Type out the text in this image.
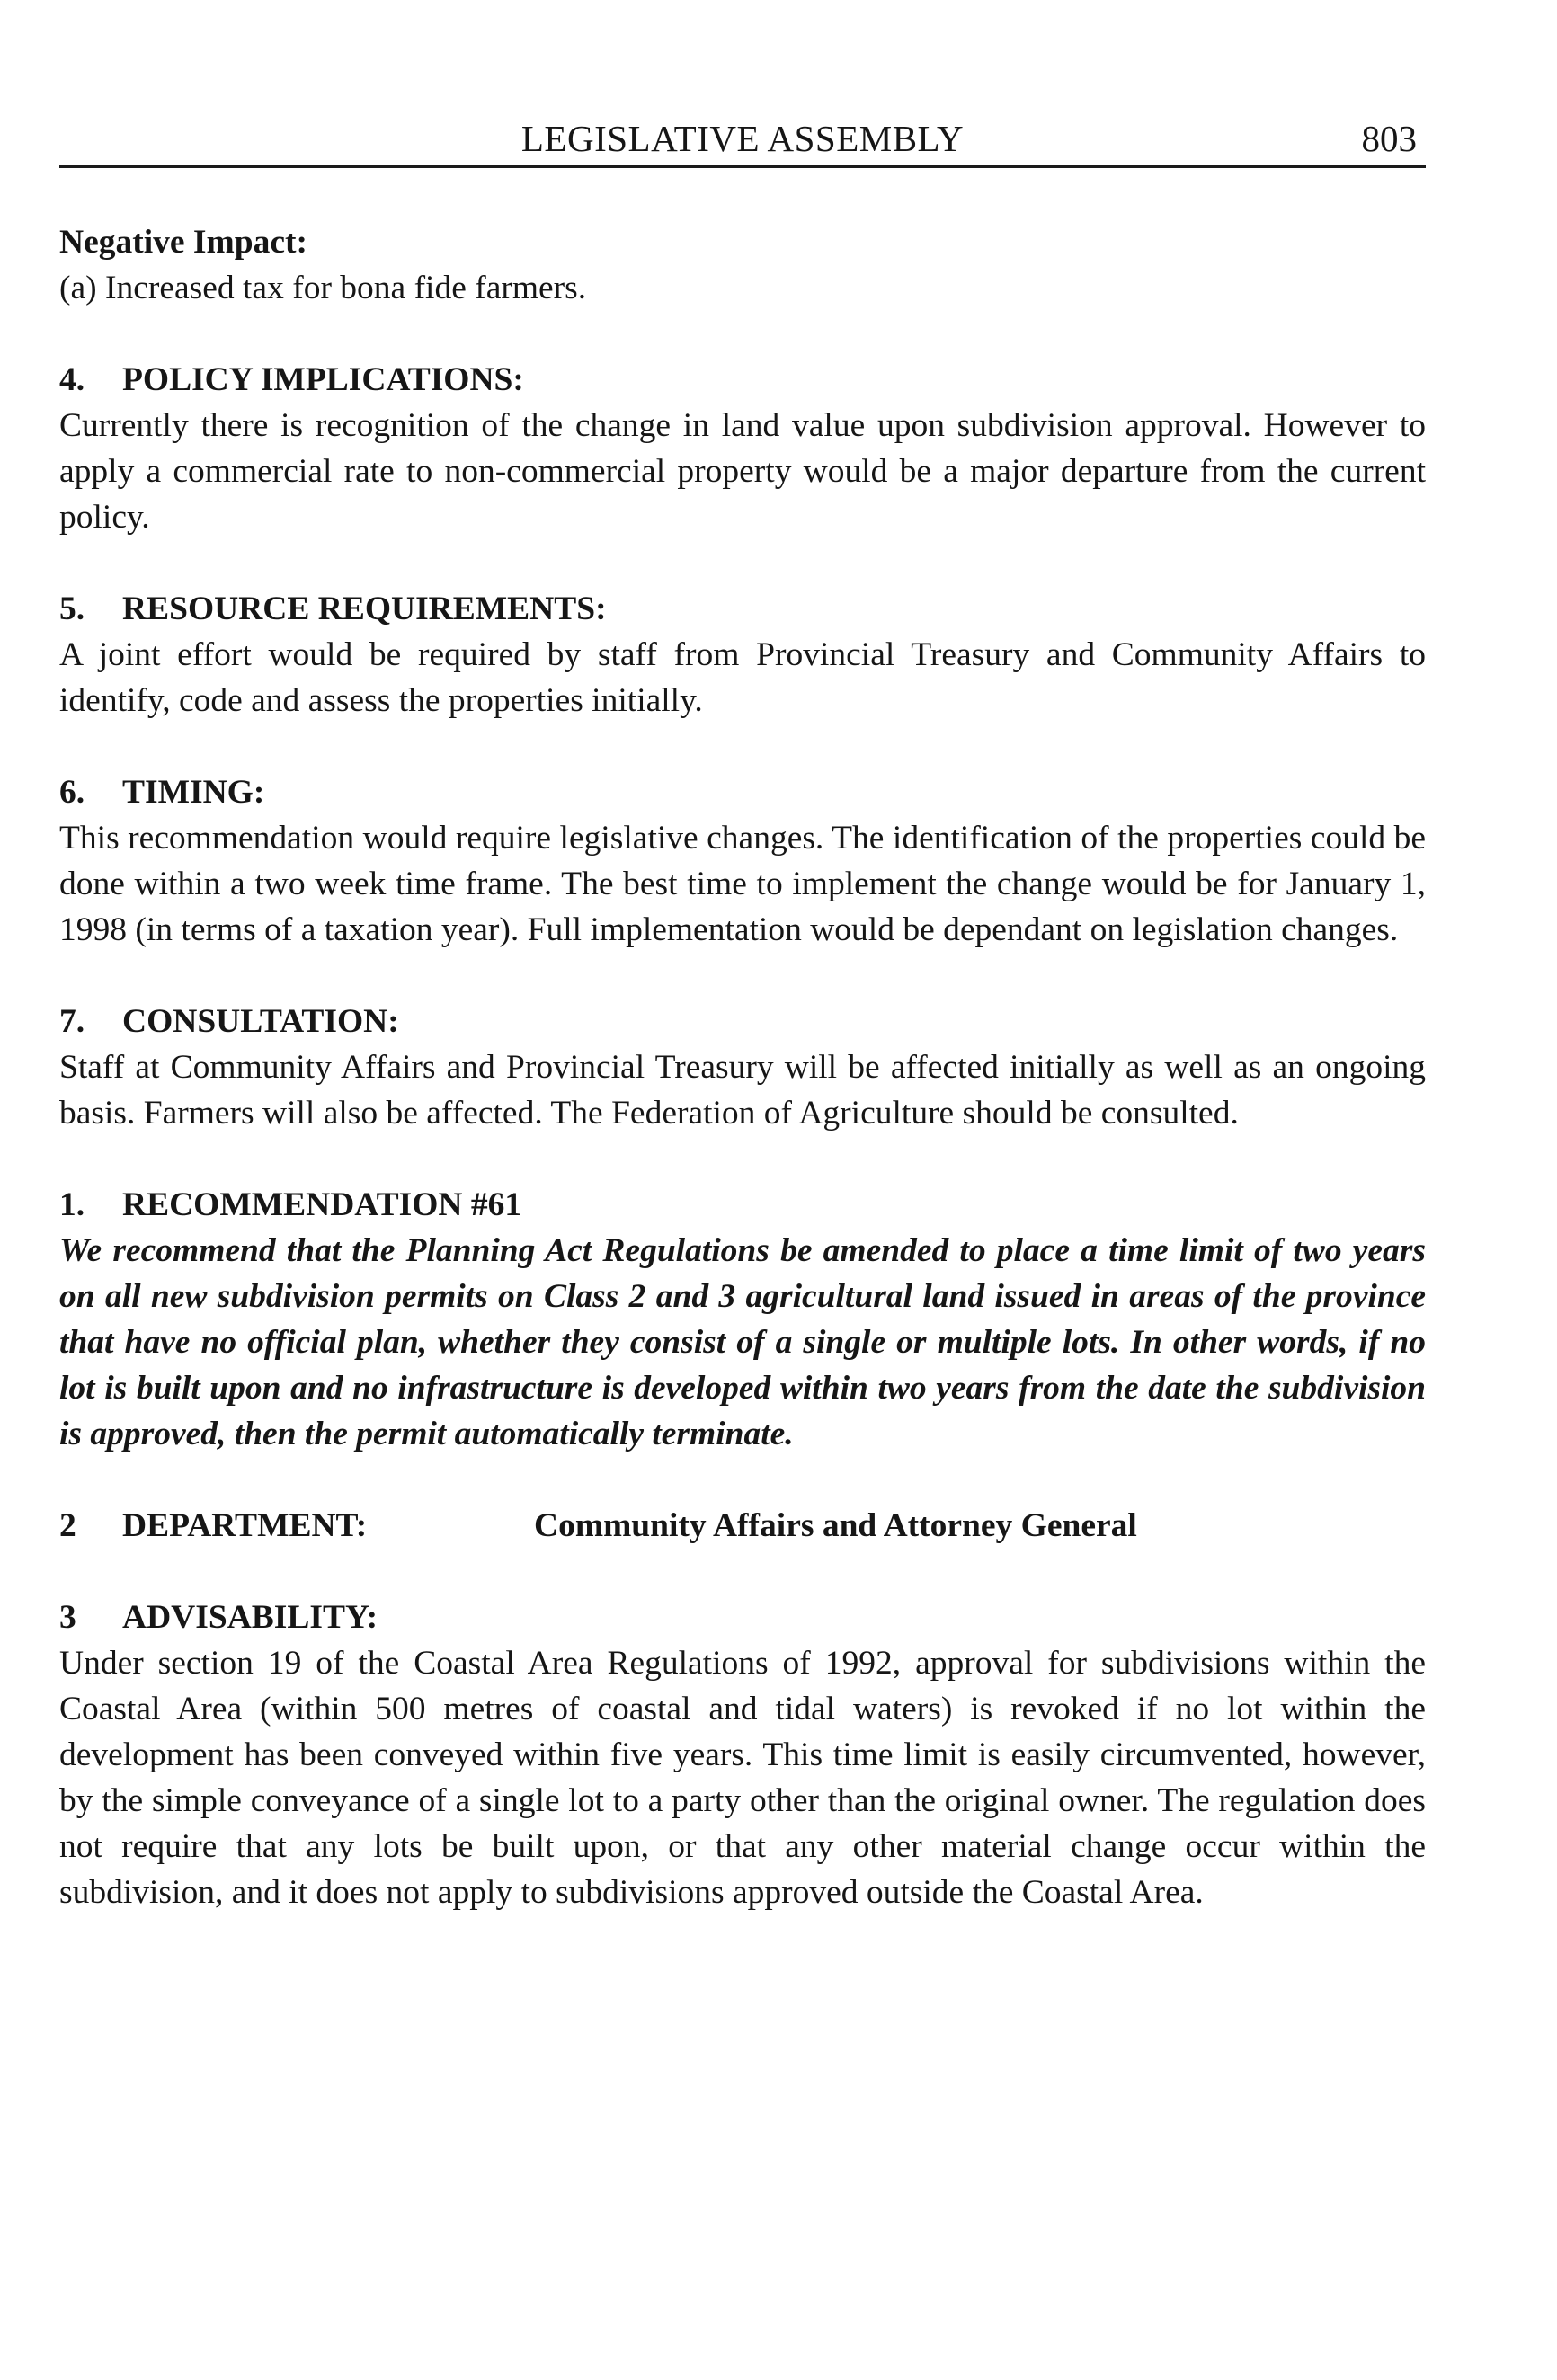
LEGISLATIVE ASSEMBLY	803

Negative Impact:

(a) Increased tax for bona fide farmers.

4. POLICY IMPLICATIONS:

Currently there is recognition of the change in land value upon subdivision approval. However to apply a commercial rate to non-commercial property would be a major departure from the current policy.

5. RESOURCE REQUIREMENTS:

A joint effort would be required by staff from Provincial Treasury and Community Affairs to identify, code and assess the properties initially.

6. TIMING:

This recommendation would require legislative changes. The identification of the properties could be done within a two week time frame. The best time to implement the change would be for January 1, 1998 (in terms of a taxation year). Full implementation would be dependant on legislation changes.

7. CONSULTATION:

Staff at Community Affairs and Provincial Treasury will be affected initially as well as an ongoing basis. Farmers will also be affected. The Federation of Agriculture should be consulted.

1. RECOMMENDATION #61

We recommend that the Planning Act Regulations be amended to place a time limit of two years on all new subdivision permits on Class 2 and 3 agricultural land issued in areas of the province that have no official plan, whether they consist of a single or multiple lots. In other words, if no lot is built upon and no infrastructure is developed within two years from the date the subdivision is approved, then the permit automatically terminate.

2 DEPARTMENT:	Community Affairs and Attorney General

3 ADVISABILITY:

Under section 19 of the Coastal Area Regulations of 1992, approval for subdivisions within the Coastal Area (within 500 metres of coastal and tidal waters) is revoked if no lot within the development has been conveyed within five years. This time limit is easily circumvented, however, by the simple conveyance of a single lot to a party other than the original owner. The regulation does not require that any lots be built upon, or that any other material change occur within the subdivision, and it does not apply to subdivisions approved outside the Coastal Area.
